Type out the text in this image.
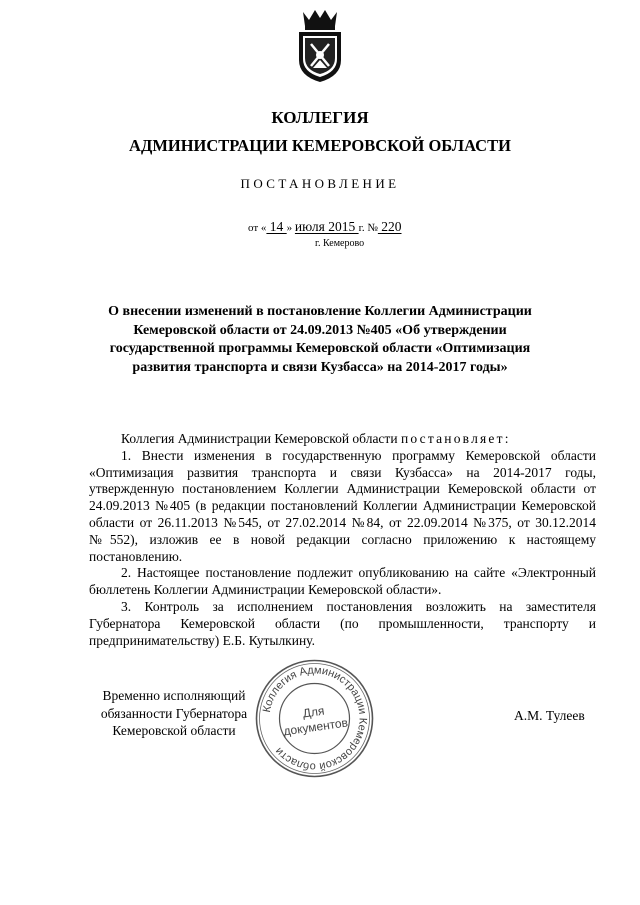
КОЛЛЕГИЯ
АДМИНИСТРАЦИИ КЕМЕРОВСКОЙ ОБЛАСТИ
ПОСТАНОВЛЕНИЕ
от « 14 » июля 2015 г. № 220
г. Кемерово
О внесении изменений в постановление Коллегии Администрации Кемеровской области от 24.09.2013 №405 «Об утверждении государственной программы Кемеровской области «Оптимизация развития транспорта и связи Кузбасса» на 2014-2017 годы»

Коллегия Администрации Кемеровской области постановляет:

1. Внести изменения в государственную программу Кемеровской области «Оптимизация развития транспорта и связи Кузбасса» на 2014-2017 годы, утвержденную постановлением Коллегии Администрации Кемеровской области от 24.09.2013 №405 (в редакции постановлений Коллегии Администрации Кемеровской области от 26.11.2013 №545, от 27.02.2014 №84, от 22.09.2014 №375, от 30.12.2014 №552), изложив ее в новой редакции согласно приложению к настоящему постановлению.

2. Настоящее постановление подлежит опубликованию на сайте «Электронный бюллетень Коллегии Администрации Кемеровской области».

3. Контроль за исполнением постановления возложить на заместителя Губернатора Кемеровской области (по промышленности, транспорту и предпринимательству) Е.Б. Кутылкину.

Временно исполняющий
обязанности Губернатора
Кемеровской области
Коллегия Администрации Кемеровской области
Для
документов	А.М. Тулеев
